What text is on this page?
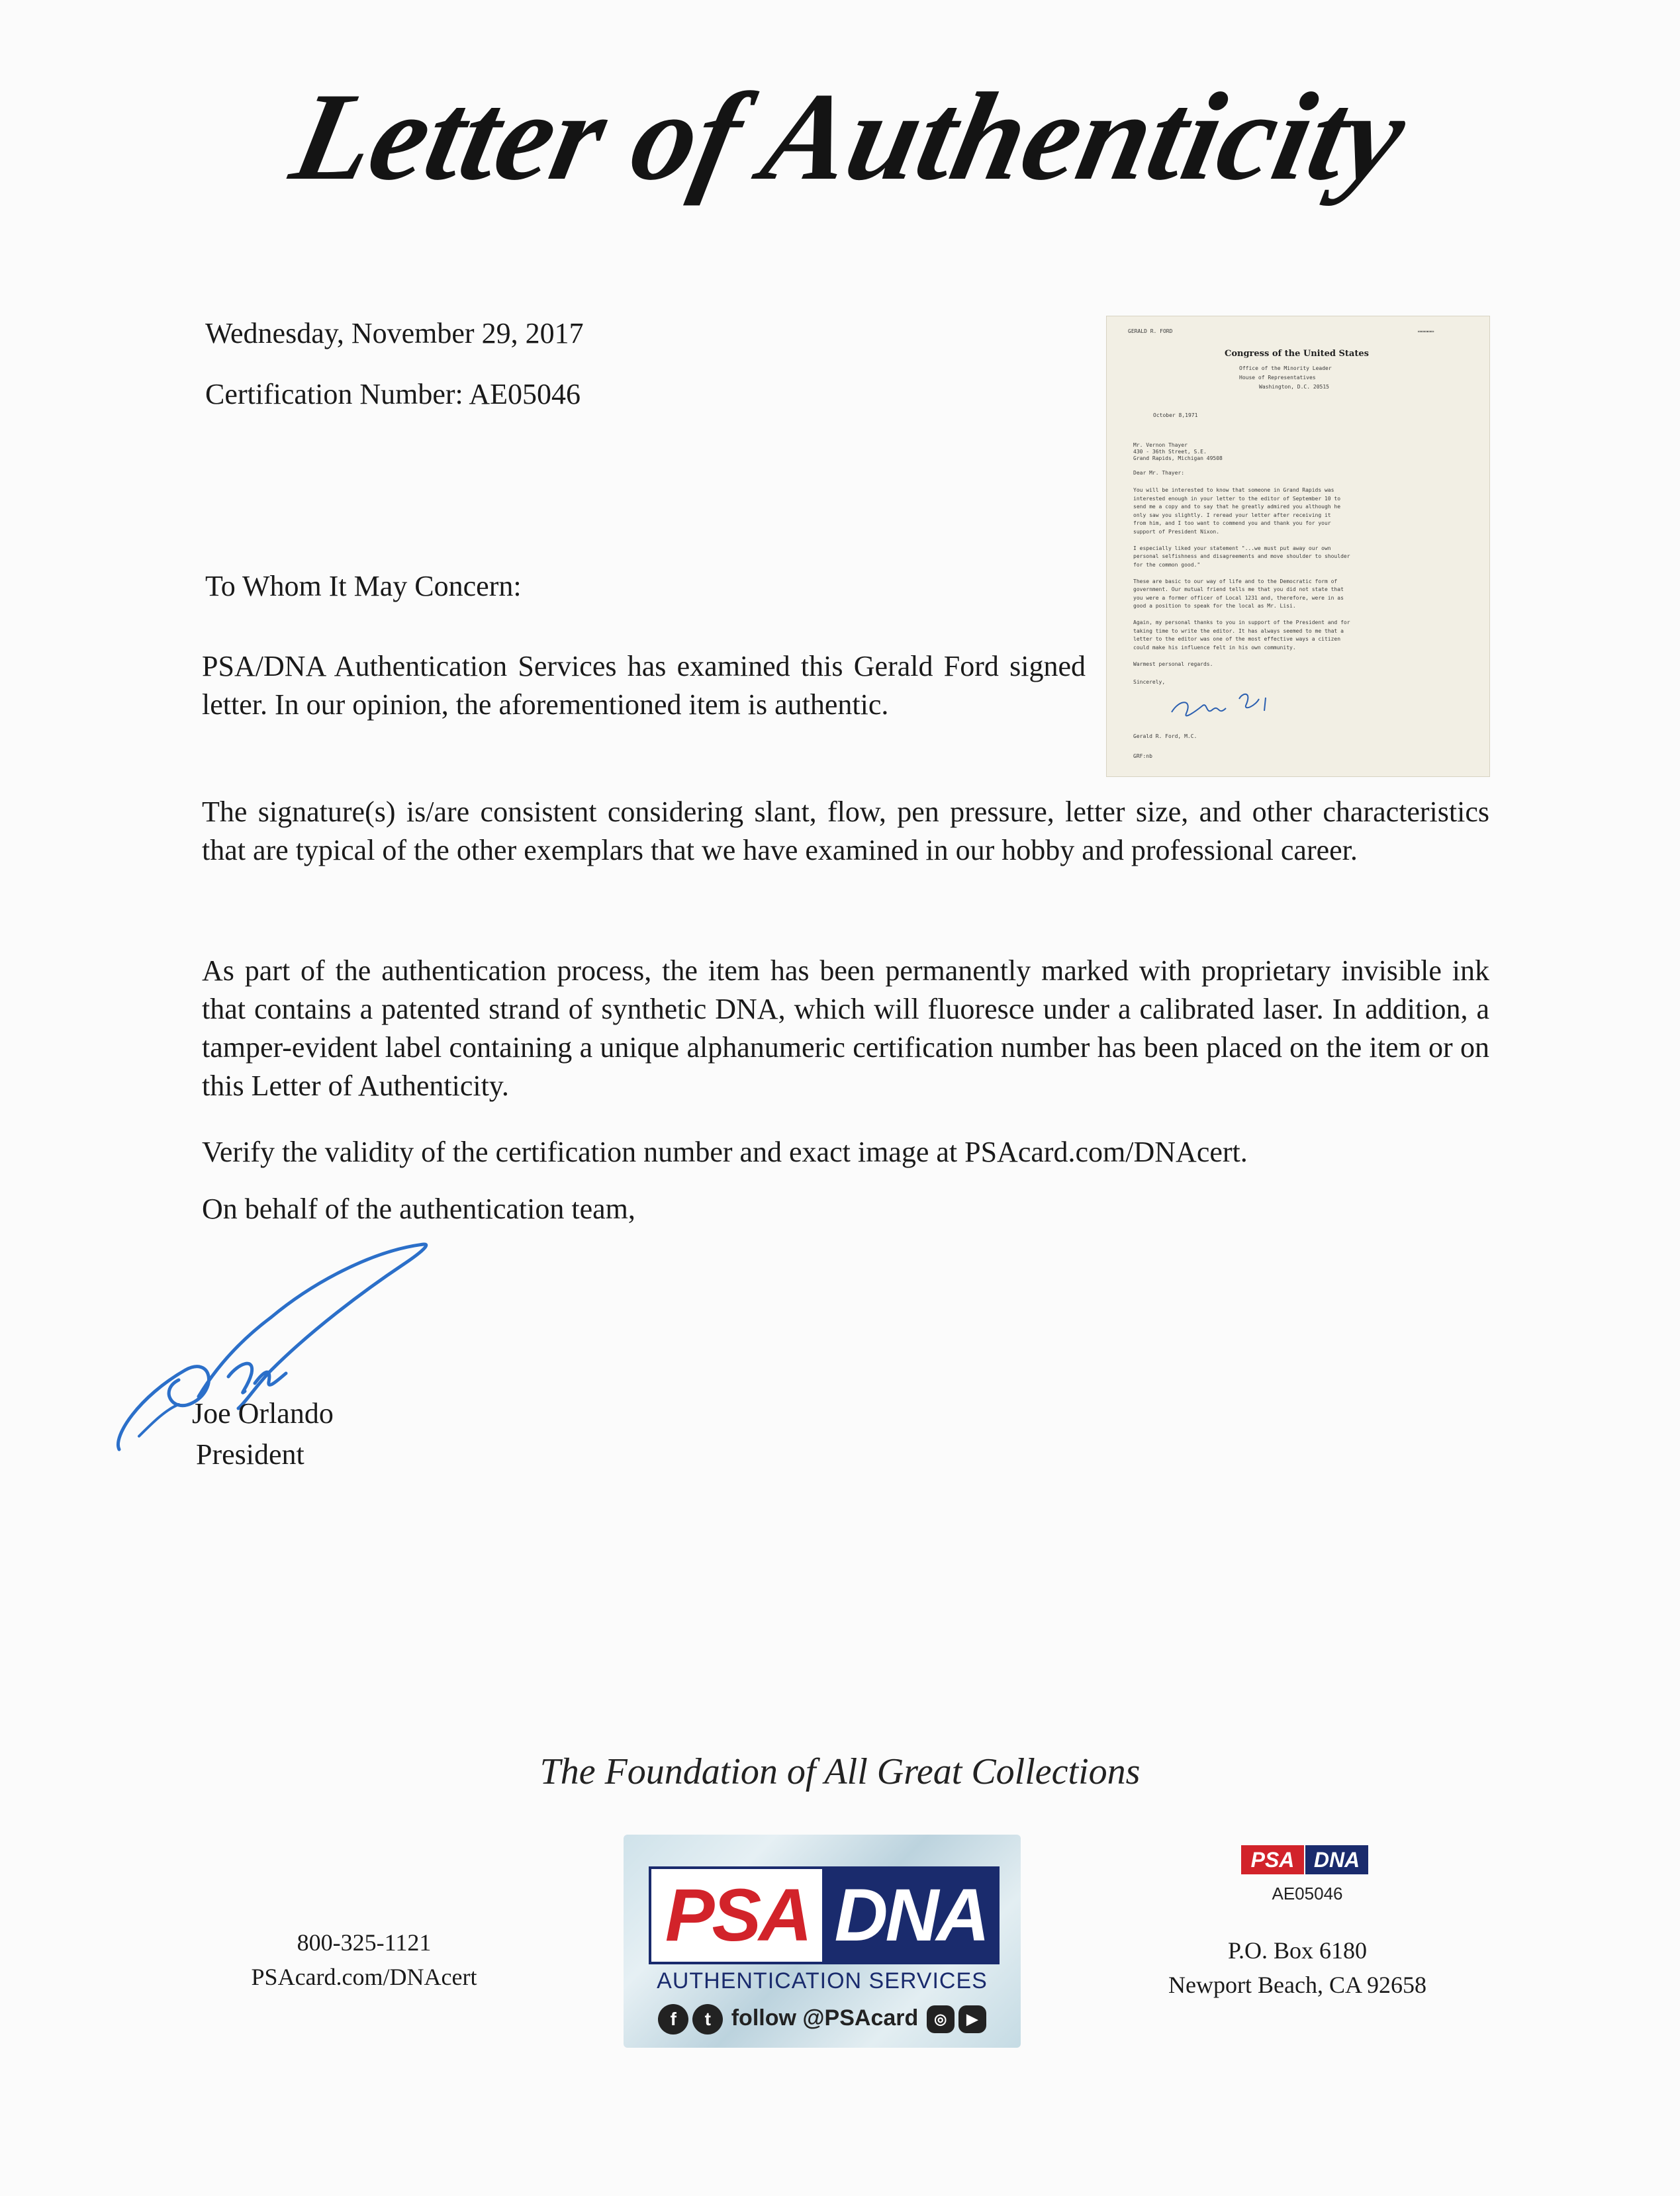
Letter of Authenticity
Wednesday, November 29, 2017
Certification Number: AE05046
GERALD R. FORD	▭▭▭▭▭
Congress of the United States
Office of the Minority Leader
House of Representatives
Washington, D.C. 20515
October 8,1971
Mr. Vernon Thayer
430 - 36th Street, S.E.
Grand Rapids, Michigan 49508
Dear Mr. Thayer:
You will be interested to know that someone in Grand Rapids was
interested enough in your letter to the editor of September 10 to
send me a copy and to say that he greatly admired you although he
only saw you slightly. I reread your letter after receiving it
from him, and I too want to commend you and thank you for your
support of President Nixon.
I especially liked your statement "...we must put away our own
personal selfishness and disagreements and move shoulder to shoulder
for the common good."
These are basic to our way of life and to the Democratic form of
government. Our mutual friend tells me that you did not state that
you were a former officer of Local 1231 and, therefore, were in as
good a position to speak for the local as Mr. Lisi.
Again, my personal thanks to you in support of the President and for
taking time to write the editor. It has always seemed to me that a
letter to the editor was one of the most effective ways a citizen
could make his influence felt in his own community.
Warmest personal regards.
Sincerely,
Gerald R. Ford, M.C.
GRF:nb
To Whom It May Concern:
PSA/DNA Authentication Services has examined this Gerald Ford signed letter. In our opinion, the aforementioned item is authentic.
The signature(s) is/are consistent considering slant, flow, pen pressure, letter size, and other characteristics that are typical of the other exemplars that we have examined in our hobby and professional career.
As part of the authentication process, the item has been permanently marked with proprietary invisible ink that contains a patented strand of synthetic DNA, which will fluoresce under a calibrated laser. In addition, a tamper-evident label containing a unique alphanumeric certification number has been placed on the item or on this Letter of Authenticity.
Verify the validity of the certification number and exact image at PSAcard.com/DNAcert.
On behalf of the authentication team,
Joe Orlando
President
The Foundation of All Great Collections
800-325-1121
PSAcard.com/DNAcert
PSA DNA
AUTHENTICATION SERVICES
f t follow @PSAcard ◎ ▶
PSA DNA
AE05046
P.O. Box 6180
Newport Beach, CA 92658
